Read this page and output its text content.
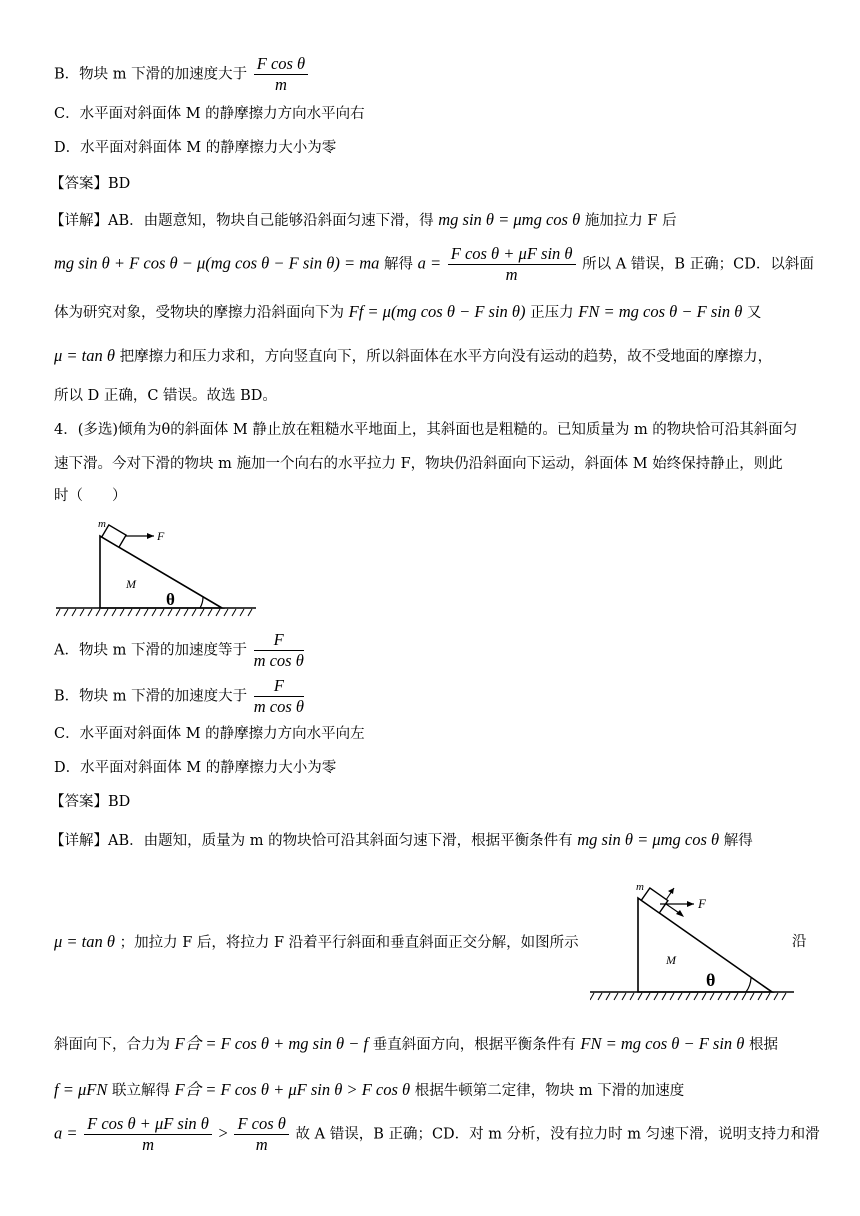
B．物块 m 下滑的加速度大于 $\frac{\text{F cos θ}}{m}$
C．水平面对斜面体 M 的静摩擦力方向水平向右
D．水平面对斜面体 M 的静摩擦力大小为零
【答案】BD
【详解】AB．由题意知，物块自己能够沿斜面匀速下滑，得 mg sin θ = μmg cos θ 施加拉力 F 后
mg sin θ + F cos θ − μ(mg cos θ − F sin θ) = ma 解得 $a = \frac{\text{F cos θ + μF sin θ}}{m}$ 所以 A 错误，B 正确；CD．以斜面
体为研究对象，受物块的摩擦力沿斜面向下为 Ff = μ(mg cos θ − F sin θ) 正压力 FN = mg cos θ − F sin θ 又
μ = tan θ 把摩擦力和压力求和，方向竖直向下，所以斜面体在水平方向没有运动的趋势，故不受地面的摩擦力，
所以 D 正确，C 错误。故选 BD。
4．(多选)倾角为θ的斜面体 M 静止放在粗糙水平地面上，其斜面也是粗糙的。已知质量为 m 的物块恰可沿其斜面匀
速下滑。今对下滑的物块 m 施加一个向右的水平拉力 F，物块仍沿斜面向下运动，斜面体 M 始终保持静止，则此
时（　　）
m
F
M
θ
A．物块 m 下滑的加速度等于 $\frac{F}{\text{m cos θ}}$
B．物块 m 下滑的加速度大于 $\frac{F}{\text{m cos θ}}$
C．水平面对斜面体 M 的静摩擦力方向水平向左
D．水平面对斜面体 M 的静摩擦力大小为零
【答案】BD
【详解】AB．由题知，质量为 m 的物块恰可沿其斜面匀速下滑，根据平衡条件有 mg sin θ = μmg cos θ 解得
μ = tan θ ；加拉力 F 后，将拉力 F 沿着平行斜面和垂直斜面正交分解，如图所示	沿
m
F
M
θ
斜面向下，合力为 F合 = F cos θ + mg sin θ − f 垂直斜面方向，根据平衡条件有 FN = mg cos θ − F sin θ 根据
f = μFN 联立解得 F合 = F cos θ + μF sin θ > F cos θ 根据牛顿第二定律，物块 m 下滑的加速度
$a = \frac{\text{F cos θ + μF sin θ}}{m} > \frac{\text{F cos θ}}{m}$ 故 A 错误，B 正确；CD．对 m 分析，没有拉力时 m 匀速下滑，说明支持力和滑
